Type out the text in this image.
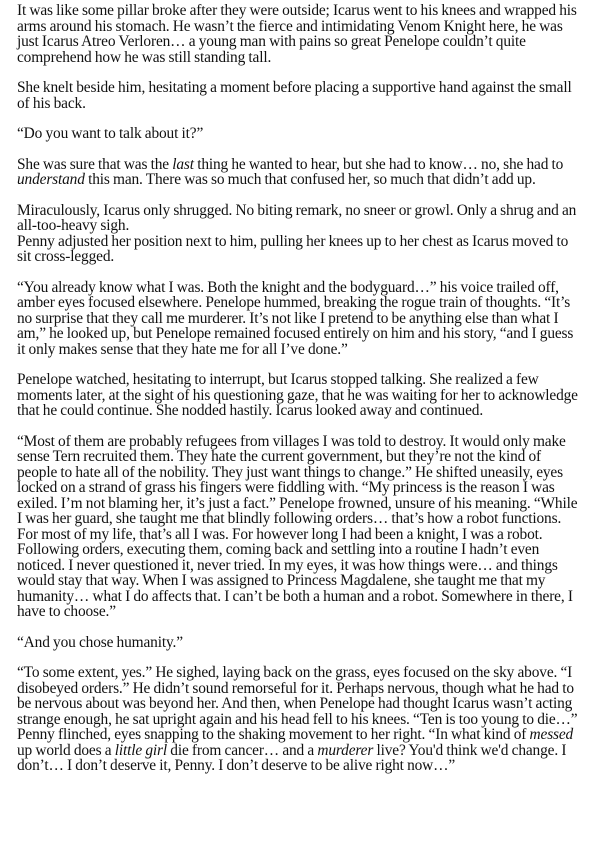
It was like some pillar broke after they were outside; Icarus went to his knees and wrapped his arms around his stomach. He wasn’t the fierce and intimidating Venom Knight here, he was just Icarus Atreo Verloren… a young man with pains so great Penelope couldn’t quite comprehend how he was still standing tall.

She knelt beside him, hesitating a moment before placing a supportive hand against the small of his back.

“Do you want to talk about it?”

She was sure that was the last thing he wanted to hear, but she had to know… no, she had to understand this man. There was so much that confused her, so much that didn’t add up.

Miraculously, Icarus only shrugged. No biting remark, no sneer or growl. Only a shrug and an all-too-heavy sigh.

Penny adjusted her position next to him, pulling her knees up to her chest as Icarus moved to sit cross-legged.

“You already know what I was. Both the knight and the bodyguard…” his voice trailed off, amber eyes focused elsewhere. Penelope hummed, breaking the rogue train of thoughts. “It’s no surprise that they call me murderer. It’s not like I pretend to be anything else than what I am,” he looked up, but Penelope remained focused entirely on him and his story, “and I guess it only makes sense that they hate me for all I’ve done.”

Penelope watched, hesitating to interrupt, but Icarus stopped talking. She realized a few moments later, at the sight of his questioning gaze, that he was waiting for her to acknowledge that he could continue. She nodded hastily. Icarus looked away and continued.

“Most of them are probably refugees from villages I was told to destroy. It would only make sense Tern recruited them. They hate the current government, but they’re not the kind of people to hate all of the nobility. They just want things to change.” He shifted uneasily, eyes locked on a strand of grass his fingers were fiddling with. “My princess is the reason I was exiled. I’m not blaming her, it’s just a fact.” Penelope frowned, unsure of his meaning. “While I was her guard, she taught me that blindly following orders… that’s how a robot functions. For most of my life, that’s all I was. For however long I had been a knight, I was a robot. Following orders, executing them, coming back and settling into a routine I hadn’t even noticed. I never questioned it, never tried. In my eyes, it was how things were… and things would stay that way. When I was assigned to Princess Magdalene, she taught me that my humanity… what I do affects that. I can’t be both a human and a robot. Somewhere in there, I have to choose.”

“And you chose humanity.”

“To some extent, yes.” He sighed, laying back on the grass, eyes focused on the sky above. “I disobeyed orders.” He didn’t sound remorseful for it. Perhaps nervous, though what he had to be nervous about was beyond her. And then, when Penelope had thought Icarus wasn’t acting strange enough, he sat upright again and his head fell to his knees. “Ten is too young to die…” Penny flinched, eyes snapping to the shaking movement to her right. “In what kind of messed up world does a little girl die from cancer… and a murderer live? You'd think we'd change. I don’t… I don’t deserve it, Penny. I don’t deserve to be alive right now…”
